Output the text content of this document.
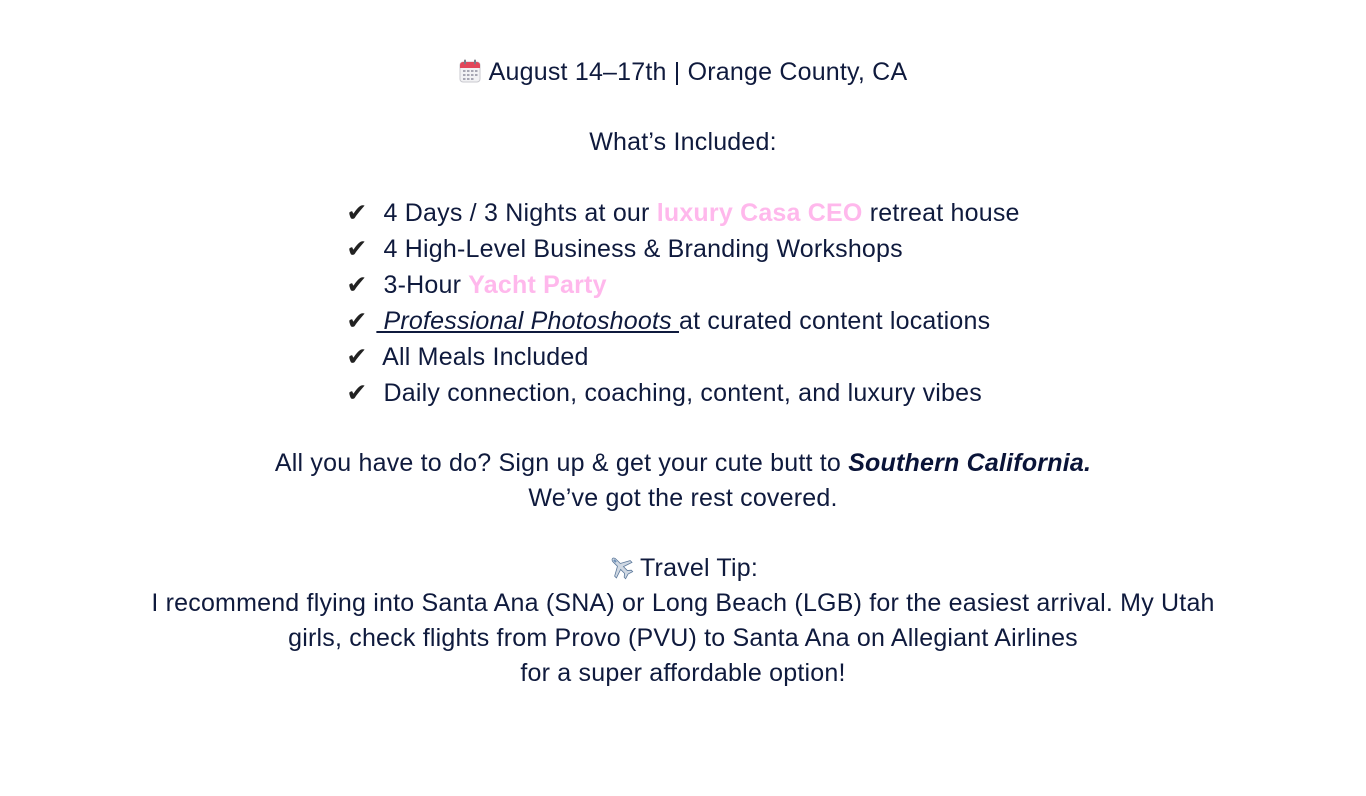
August 14–17th | Orange County, CA
What’s Included:
✔ 4 Days / 3 Nights at our luxury Casa CEO retreat house
✔ 4 High-Level Business & Branding Workshops
✔ 3-Hour Yacht Party
✔ Professional Photoshoots at curated content locations
✔ All Meals Included
✔ Daily connection, coaching, content, and luxury vibes
All you have to do? Sign up & get your cute butt to Southern California.
We’ve got the rest covered.
Travel Tip:
I recommend flying into Santa Ana (SNA) or Long Beach (LGB) for the easiest arrival. My Utah
girls, check flights from Provo (PVU) to Santa Ana on Allegiant Airlines
for a super affordable option!
